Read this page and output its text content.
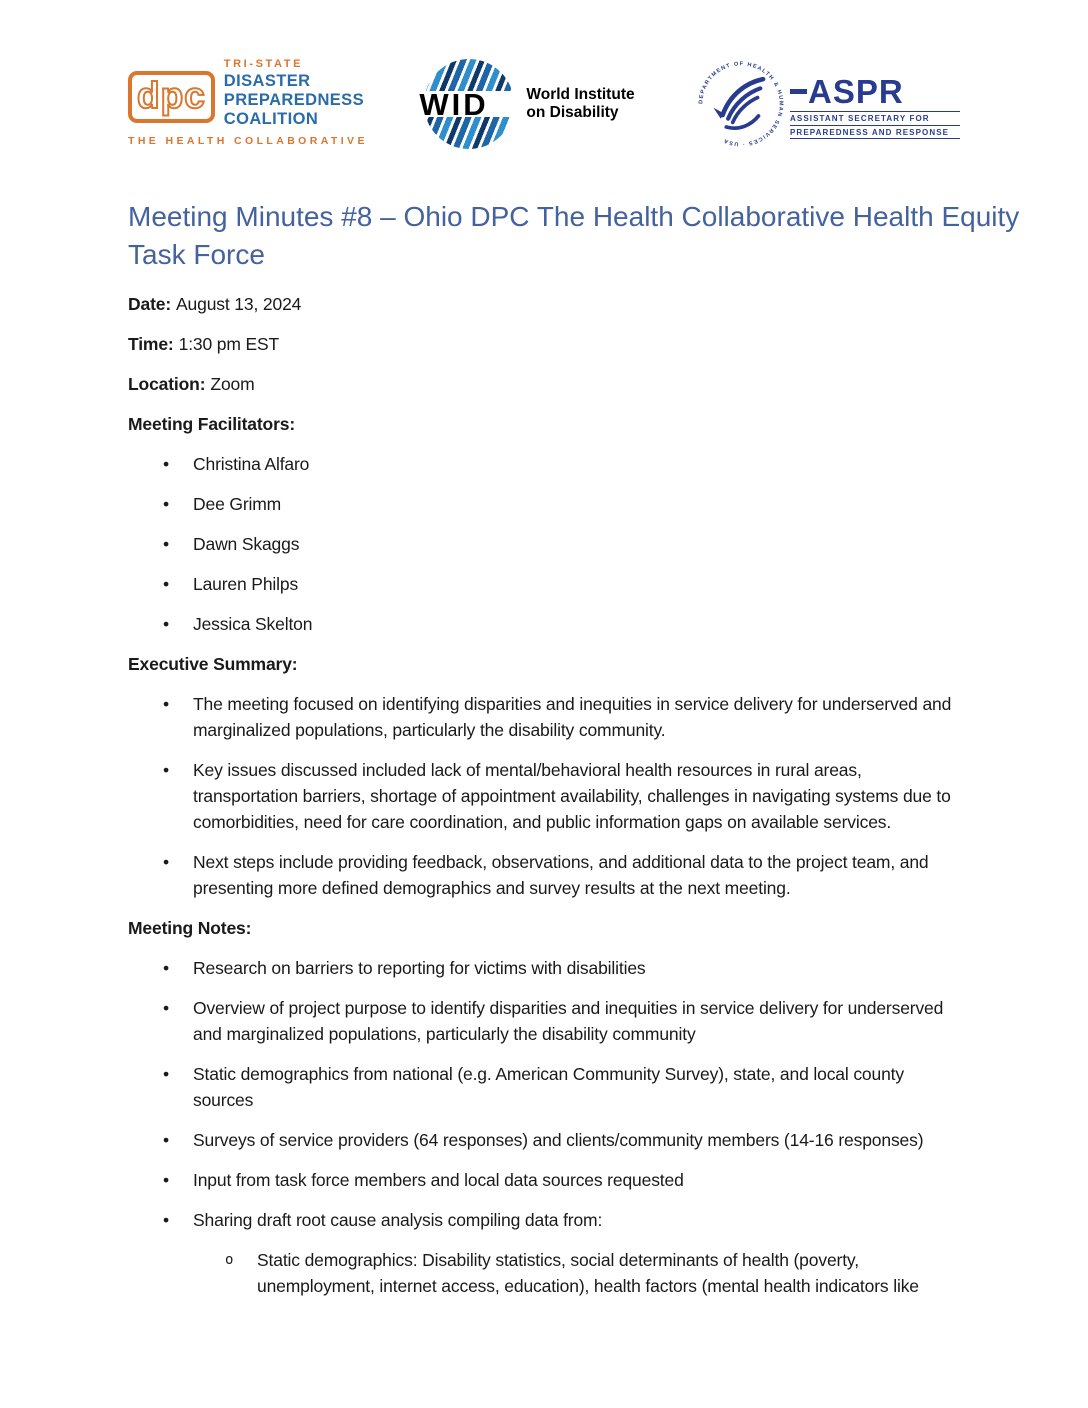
dpc
TRI-STATE
DISASTER
PREPAREDNESS
COALITION
THE HEALTH COLLABORATIVE
WID World Institute
on Disability
DEPARTMENT OF HEALTH & HUMAN SERVICES · USA
ASPR
ASSISTANT SECRETARY FOR
PREPAREDNESS AND RESPONSE
Meeting Minutes #8 – Ohio DPC The Health Collaborative Health Equity
Task Force

Date: August 13, 2024

Time: 1:30 pm EST

Location: Zoom

Meeting Facilitators:

•	Christina Alfaro
•	Dee Grimm
•	Dawn Skaggs
•	Lauren Philps
•	Jessica Skelton

Executive Summary:

•	The meeting focused on identifying disparities and inequities in service delivery for underserved and marginalized populations, particularly the disability community.
•	Key issues discussed included lack of mental/behavioral health resources in rural areas, transportation barriers, shortage of appointment availability, challenges in navigating systems due to comorbidities, need for care coordination, and public information gaps on available services.
•	Next steps include providing feedback, observations, and additional data to the project team, and presenting more defined demographics and survey results at the next meeting.

Meeting Notes:

•	Research on barriers to reporting for victims with disabilities
•	Overview of project purpose to identify disparities and inequities in service delivery for underserved and marginalized populations, particularly the disability community
•	Static demographics from national (e.g. American Community Survey), state, and local county sources
•	Surveys of service providers (64 responses) and clients/community members (14-16 responses)
•	Input from task force members and local data sources requested
•	Sharing draft root cause analysis compiling data from:
o	Static demographics: Disability statistics, social determinants of health (poverty, unemployment, internet access, education), health factors (mental health indicators like
